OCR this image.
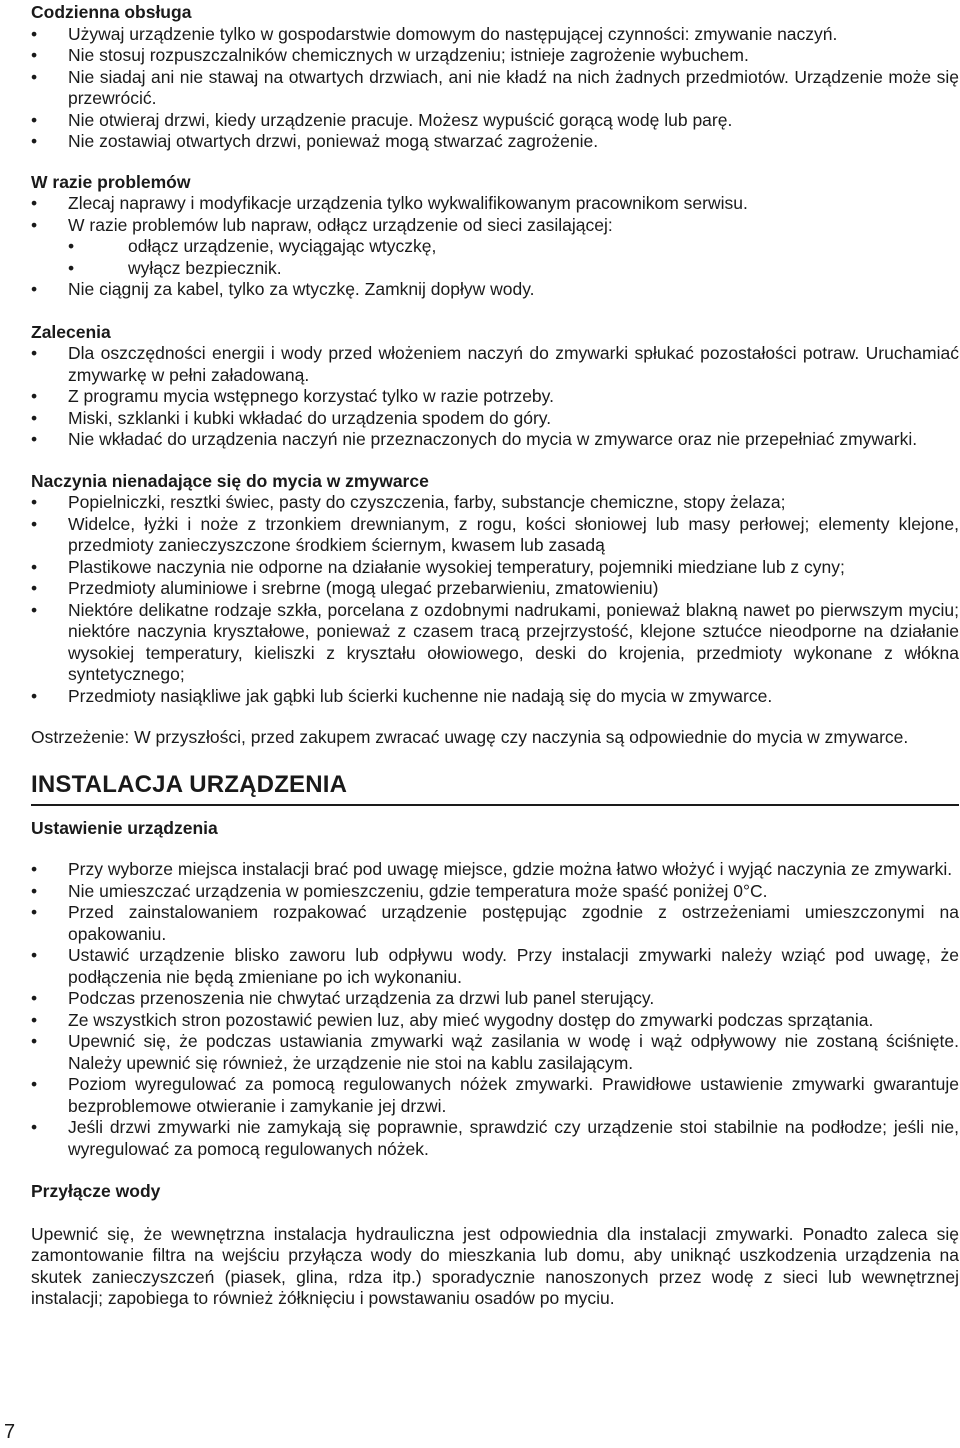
Codzienna obsługa
• Używaj urządzenie tylko w gospodarstwie domowym do następującej czynności: zmywanie naczyń.
• Nie stosuj rozpuszczalników chemicznych w urządzeniu; istnieje zagrożenie wybuchem.
• Nie siadaj ani nie stawaj na otwartych drzwiach, ani nie kładź na nich żadnych przedmiotów. Urządzenie może się przewrócić.
• Nie otwieraj drzwi, kiedy urządzenie pracuje. Możesz wypuścić gorącą wodę lub parę.
• Nie zostawiaj otwartych drzwi, ponieważ mogą stwarzać zagrożenie.
W razie problemów
• Zlecaj naprawy i modyfikacje urządzenia tylko wykwalifikowanym pracownikom serwisu.
• W razie problemów lub napraw, odłącz urządzenie od sieci zasilającej:
• odłącz urządzenie, wyciągając wtyczkę,
• wyłącz bezpiecznik.
• Nie ciągnij za kabel, tylko za wtyczkę. Zamknij dopływ wody.
Zalecenia
• Dla oszczędności energii i wody przed włożeniem naczyń do zmywarki spłukać pozostałości potraw. Uruchamiać zmywarkę w pełni załadowaną.
• Z programu mycia wstępnego korzystać tylko w razie potrzeby.
• Miski, szklanki i kubki wkładać do urządzenia spodem do góry.
• Nie wkładać do urządzenia naczyń nie przeznaczonych do mycia w zmywarce oraz nie przepełniać zmywarki.
Naczynia nienadające się do mycia w zmywarce
• Popielniczki, resztki świec, pasty do czyszczenia, farby, substancje chemiczne, stopy żelaza;
• Widelce, łyżki i noże z trzonkiem drewnianym, z rogu, kości słoniowej lub masy perłowej; elementy klejone, przedmioty zanieczyszczone środkiem ściernym, kwasem lub zasadą
• Plastikowe naczynia nie odporne na działanie wysokiej temperatury, pojemniki miedziane lub z cyny;
• Przedmioty aluminiowe i srebrne (mogą ulegać przebarwieniu, zmatowieniu)
• Niektóre delikatne rodzaje szkła, porcelana z ozdobnymi nadrukami, ponieważ blakną nawet po pierwszym myciu; niektóre naczynia kryształowe, ponieważ z czasem tracą przejrzystość, klejone sztućce nieodporne na działanie wysokiej temperatury, kieliszki z kryształu ołowiowego, deski do krojenia, przedmioty wykonane z włókna syntetycznego;
• Przedmioty nasiąkliwe jak gąbki lub ścierki kuchenne nie nadają się do mycia w zmywarce.

Ostrzeżenie: W przyszłości, przed zakupem zwracać uwagę czy naczynia są odpowiednie do mycia w zmywarce.

INSTALACJA URZĄDZENIA
Ustawienie urządzenia
• Przy wyborze miejsca instalacji brać pod uwagę miejsce, gdzie można łatwo włożyć i wyjąć naczynia ze zmywarki.
• Nie umieszczać urządzenia w pomieszczeniu, gdzie temperatura może spaść poniżej 0°C.
• Przed zainstalowaniem rozpakować urządzenie postępując zgodnie z ostrzeżeniami umieszczonymi na opakowaniu.
• Ustawić urządzenie blisko zaworu lub odpływu wody. Przy instalacji zmywarki należy wziąć pod uwagę, że podłączenia nie będą zmieniane po ich wykonaniu.
• Podczas przenoszenia nie chwytać urządzenia za drzwi lub panel sterujący.
• Ze wszystkich stron pozostawić pewien luz, aby mieć wygodny dostęp do zmywarki podczas sprzątania.
• Upewnić się, że podczas ustawiania zmywarki wąż zasilania w wodę i wąż odpływowy nie zostaną ściśnięte. Należy upewnić się również, że urządzenie nie stoi na kablu zasilającym.
• Poziom wyregulować za pomocą regulowanych nóżek zmywarki. Prawidłowe ustawienie zmywarki gwarantuje bezproblemowe otwieranie i zamykanie jej drzwi.
• Jeśli drzwi zmywarki nie zamykają się poprawnie, sprawdzić czy urządzenie stoi stabilnie na podłodze; jeśli nie, wyregulować za pomocą regulowanych nóżek.
Przyłącze wody

Upewnić się, że wewnętrzna instalacja hydrauliczna jest odpowiednia dla instalacji zmywarki. Ponadto zaleca się zamontowanie filtra na wejściu przyłącza wody do mieszkania lub domu, aby uniknąć uszkodzenia urządzenia na skutek zanieczyszczeń (piasek, glina, rdza itp.) sporadycznie nanoszonych przez wodę z sieci lub wewnętrznej instalacji; zapobiega to również żółknięciu i powstawaniu osadów po myciu.

7
